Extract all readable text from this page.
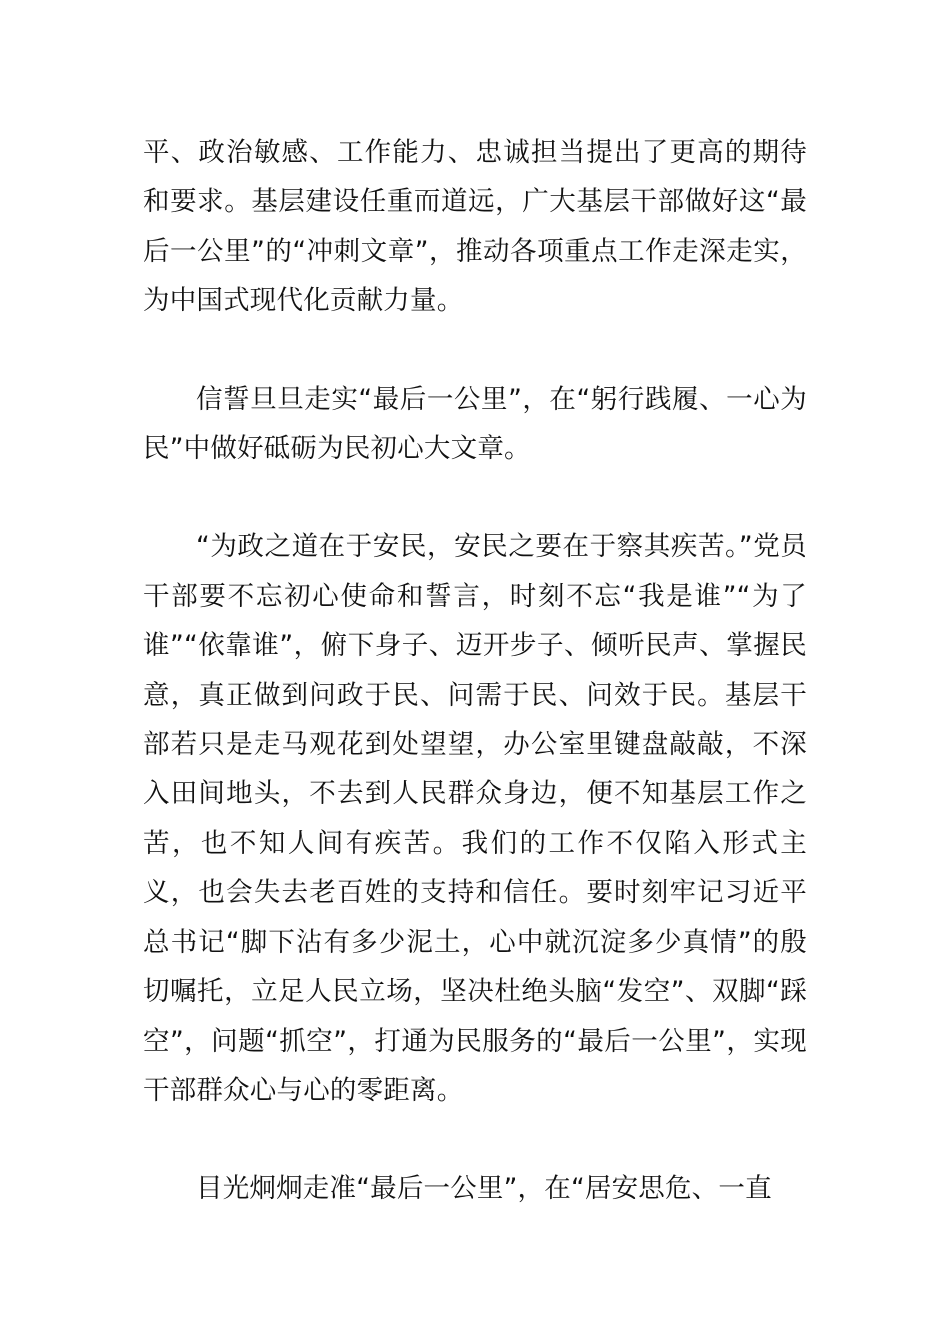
平、政治敏感、工作能力、忠诚担当提出了更高的期待和要求。基层建设任重而道远，广大基层干部做好这“最后一公里”的“冲刺文章”，推动各项重点工作走深走实，为中国式现代化贡献力量。

信誓旦旦走实“最后一公里”，在“躬行践履、一心为民”中做好砥砺为民初心大文章。

“为政之道在于安民，安民之要在于察其疾苦。”党员干部要不忘初心使命和誓言，时刻不忘“我是谁”“为了谁”“依靠谁”，俯下身子、迈开步子、倾听民声、掌握民意，真正做到问政于民、问需于民、问效于民。基层干部若只是走马观花到处望望，办公室里键盘敲敲，不深入田间地头，不去到人民群众身边，便不知基层工作之苦，也不知人间有疾苦。我们的工作不仅陷入形式主义，也会失去老百姓的支持和信任。要时刻牢记习近平总书记“脚下沾有多少泥土，心中就沉淀多少真情”的殷切嘱托，立足人民立场，坚决杜绝头脑“发空”、双脚“踩空”，问题“抓空”，打通为民服务的“最后一公里”，实现干部群众心与心的零距离。

目光炯炯走准“最后一公里”，在“居安思危、一直
